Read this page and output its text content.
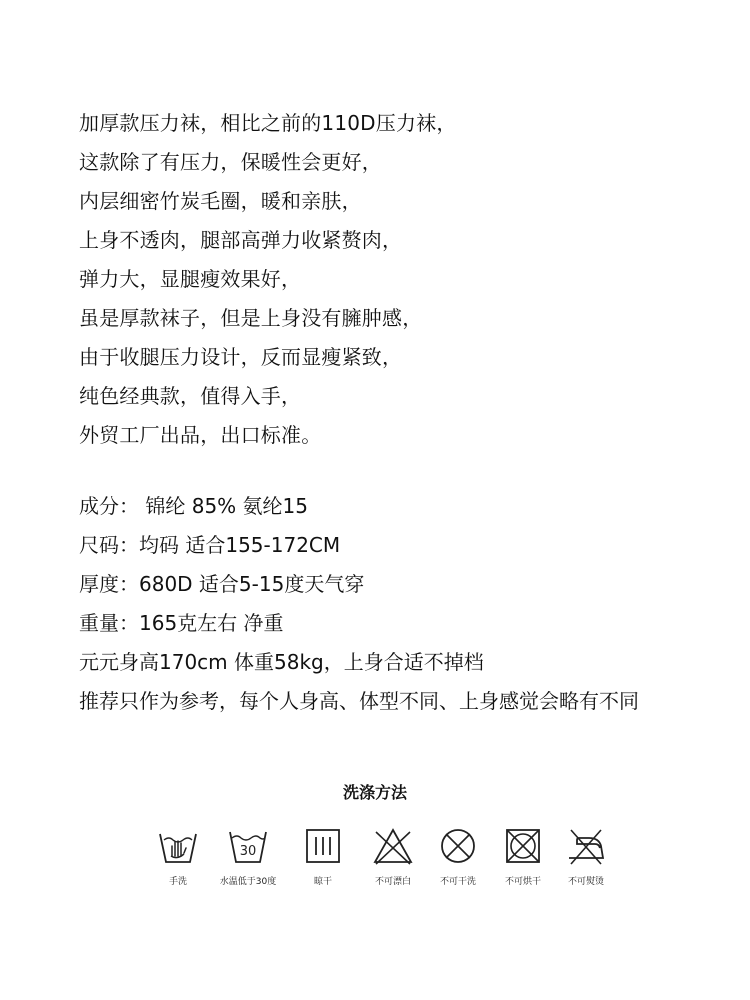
加厚款压力袜，相比之前的110D压力袜，
这款除了有压力，保暖性会更好，
内层细密竹炭毛圈，暖和亲肤，
上身不透肉，腿部高弹力收紧赘肉，
弹力大，显腿瘦效果好，
虽是厚款袜子，但是上身没有臃肿感，
由于收腿压力设计，反而显瘦紧致，
纯色经典款，值得入手，
外贸工厂出品，出口标准。
成分： 锦纶 85% 氨纶15
尺码：均码 适合155-172CM
厚度：680D 适合5-15度天气穿
重量：165克左右 净重
元元身高170cm 体重58kg，上身合适不掉档
推荐只作为参考，每个人身高、体型不同、上身感觉会略有不同
洗涤方法
手洗
30
水温低于30度	晾干	不可漂白	不可干洗	不可烘干	不可熨烫
